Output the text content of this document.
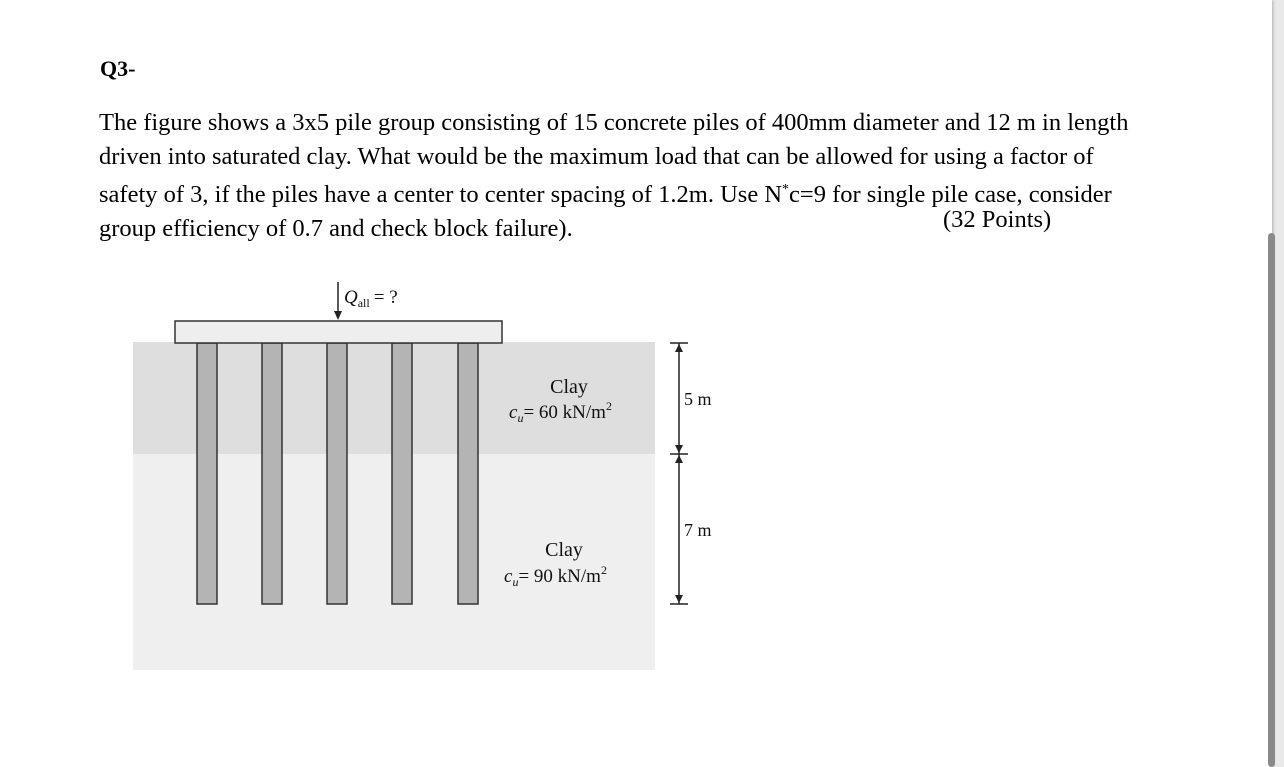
Q3-

The figure shows a 3x5 pile group consisting of 15 concrete piles of 400mm diameter and 12 m in length

driven into saturated clay. What would be the maximum load that can be allowed for using a factor of

safety of 3, if the piles have a center to center spacing of 1.2m. Use N*c=9 for single pile case, consider

group efficiency of 0.7 and check block failure).	(32 Points)
$Q_{all}$ = ?
Clay
$c_u= 60$ $kN/m^2$
Clay
$c_u= 90$ $kN/m^2$
5 m
7 m
